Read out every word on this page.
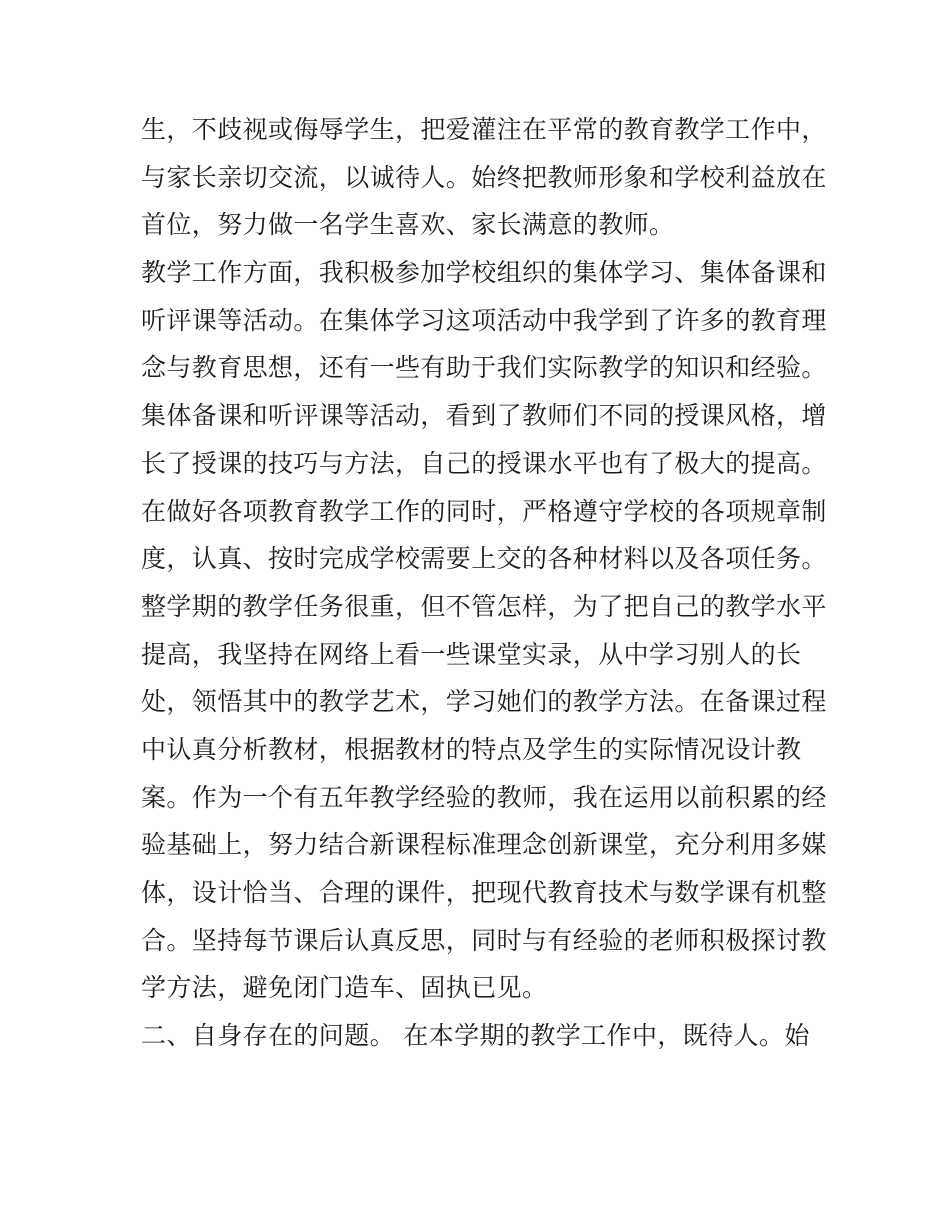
生，不歧视或侮辱学生，把爱灌注在平常的教育教学工作中，
与家长亲切交流，以诚待人。始终把教师形象和学校利益放在
首位，努力做一名学生喜欢、家长满意的教师。
教学工作方面，我积极参加学校组织的集体学习、集体备课和
听评课等活动。在集体学习这项活动中我学到了许多的教育理
念与教育思想，还有一些有助于我们实际教学的知识和经验。
集体备课和听评课等活动，看到了教师们不同的授课风格，增
长了授课的技巧与方法，自己的授课水平也有了极大的提高。
在做好各项教育教学工作的同时，严格遵守学校的各项规章制
度，认真、按时完成学校需要上交的各种材料以及各项任务。
整学期的教学任务很重，但不管怎样，为了把自己的教学水平
提高，我坚持在网络上看一些课堂实录，从中学习别人的长
处，领悟其中的教学艺术，学习她们的教学方法。在备课过程
中认真分析教材，根据教材的特点及学生的实际情况设计教
案。作为一个有五年教学经验的教师，我在运用以前积累的经
验基础上，努力结合新课程标准理念创新课堂，充分利用多媒
体，设计恰当、合理的课件，把现代教育技术与数学课有机整
合。坚持每节课后认真反思，同时与有经验的老师积极探讨教
学方法，避免闭门造车、固执已见。
二、自身存在的问题。 在本学期的教学工作中，既待人。始
